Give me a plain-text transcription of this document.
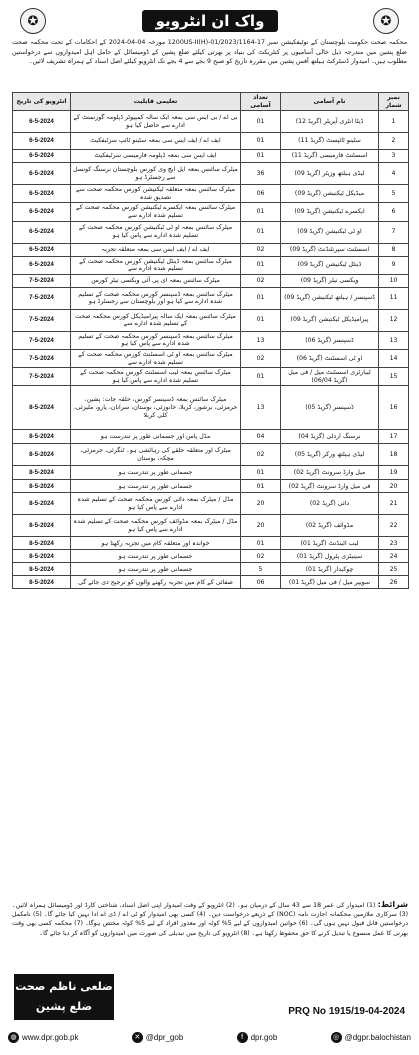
✪	واک ان انٹرویو	✪
محکمہ صحت حکومت بلوچستان کے نوٹیفکیشن نمبر 17-01/2023/1164-1200US-II(H) مورخہ 04-04-2024 کے احکامات کے تحت محکمہ صحت ضلع پشین میں مندرجہ ذیل خالی آسامیوں پر کنٹریکٹ کی بنیاد پر بھرتی کیلئے ضلع پشین کے ڈومیسائل کے حامل اہل امیدواروں سے درخواستیں مطلوب ہیں۔ امیدوار ڈسٹرکٹ ہیلتھ آفس پشین میں مقررہ تاریخ کو صبح 9 بجے سے 4 بجے تک انٹرویو کیلئے اصل اسناد کے ہمراہ تشریف لائیں۔
نمبر شمار	نام آسامی	تعداد آسامی	تعلیمی قابلیت	انٹرویو کی تاریخ
1	ڈیٹا انٹری آپریٹر (گریڈ 12)	01	بی اے / بی ایس سی بمعہ ایک سالہ کمپیوٹر ڈپلومہ گورنمنٹ کے ادارے سے حاصل کیا ہو	6-5-2024
2	سٹینو ٹائپسٹ (گریڈ 11)	01	ایف اے / ایف ایس سی بمعہ سٹینو ٹائپ سرٹیفکیٹ	6-5-2024
3	اسسٹنٹ فارمیسی (گریڈ 11)	01	ایف ایس سی بمعہ ڈپلومہ فارمیسی سرٹیفکیٹ	6-5-2024
4	لیڈی ہیلتھ وزیٹر (گریڈ 09)	36	میٹرک سائنس بمعہ ایل ایچ وی کورس بلوچستان نرسنگ کونسل سے رجسٹرڈ ہو	6-5-2024
5	میڈیکل ٹیکنیشن (گریڈ 09)	06	میٹرک سائنس بمعہ متعلقہ ٹیکنیشن کورس محکمہ صحت سے تصدیق شدہ	6-5-2024
6	ایکسرے ٹیکنیشن (گریڈ 09)	01	میٹرک سائنس بمعہ ایکسرے ٹیکنیشن کورس محکمہ صحت کے تسلیم شدہ ادارے سے	6-5-2024
7	او ٹی ٹیکنیشن (گریڈ 09)	01	میٹرک سائنس بمعہ او ٹی ٹیکنیشن کورس محکمہ صحت کے تسلیم شدہ ادارے سے پاس کیا ہو	6-5-2024
8	اسسٹنٹ سپرنٹنڈنٹ (گریڈ 09)	02	ایف اے / ایف ایس سی بمعہ متعلقہ تجربہ	6-5-2024
9	ڈینٹل ٹیکنیشن (گریڈ 09)	01	میٹرک سائنس بمعہ ڈینٹل ٹیکنیشن کورس محکمہ صحت کے تسلیم شدہ ادارے سے	6-5-2024
10	ویکسی نیٹر (گریڈ 09)	02	میٹرک سائنس بمعہ ای پی آئی ویکسی نیٹر کورس	7-5-2024
11	ڈسپنسر / ہیلتھ ٹیکنیشن (گریڈ 09)	01	میٹرک سائنس بمعہ ڈسپنسر کورس محکمہ صحت کے تسلیم شدہ ادارے سے کیا ہو اور بلوچستان سے رجسٹرڈ ہو	7-5-2024
12	پیرامیڈیکل ٹیکنیشن (گریڈ 09)	01	میٹرک سائنس بمعہ ایک سالہ پیرامیڈیکل کورس محکمہ صحت کے تسلیم شدہ ادارے سے	7-5-2024
13	ڈسپنسر (گریڈ 06)	13	میٹرک سائنس بمعہ ڈسپنسر کورس محکمہ صحت کے تسلیم شدہ ادارے سے پاس کیا ہو	7-5-2024
14	او ٹی اسسٹنٹ (گریڈ 06)	02	میٹرک سائنس بمعہ او ٹی اسسٹنٹ کورس محکمہ صحت کے تسلیم شدہ ادارے سے	7-5-2024
15	لیبارٹری اسسٹنٹ میل / فی میل (گریڈ 06/04)	01	میٹرک سائنس بمعہ لیب اسسٹنٹ کورس محکمہ صحت کے تسلیم شدہ ادارے سے پاس کیا ہو	7-5-2024
16	ڈسپنسر (گریڈ 05)	13	میٹرک سائنس بمعہ ڈسپنسر کورس، حلقہ جات: پشین، حرمزئی، برشور، کربلا، خانوزئی، بوستان، سرانان، یارو، ملیزئی، کلی کربلا	8-5-2024
17	نرسنگ اردلی (گریڈ 04)	04	مڈل پاس اور جسمانی طور پر تندرست ہو	8-5-2024
18	لیڈی ہیلتھ ورکر (گریڈ 05)	02	میٹرک اور متعلقہ حلقے کی رہائشی ہو۔ ٹنگرئی، حرمزئی، مچکہ، بوستان	8-5-2024
19	میل وارڈ سرونٹ (گریڈ 02)	01	جسمانی طور پر تندرست ہو	8-5-2024
20	فی میل وارڈ سرونٹ (گریڈ 02)	01	جسمانی طور پر تندرست ہو	8-5-2024
21	دائی (گریڈ 02)	20	مڈل / میٹرک بمعہ دائی کورس محکمہ صحت کے تسلیم شدہ ادارے سے پاس کیا ہو	8-5-2024
22	مڈوائف (گریڈ 02)	20	مڈل / میٹرک بمعہ مڈوائف کورس محکمہ صحت کے تسلیم شدہ ادارے سے پاس کیا ہو	8-5-2024
23	لیب اٹینڈنٹ (گریڈ 01)	01	خواندہ اور متعلقہ کام میں تجربہ رکھتا ہو	8-5-2024
24	سینیٹری پٹرول (گریڈ 01)	02	جسمانی طور پر تندرست ہو	8-5-2024
25	چوکیدار (گریڈ 01)	5	جسمانی طور پر تندرست ہو	8-5-2024
26	سویپر میل / فی میل (گریڈ 01)	06	صفائی کے کام میں تجربہ رکھنے والوں کو ترجیح دی جائے گی	8-5-2024
شرائط: (1) امیدوار کی عمر 18 سے 43 سال کے درمیان ہو۔ (2) انٹرویو کے وقت امیدوار اپنی اصل اسناد، شناختی کارڈ اور ڈومیسائل ہمراہ لائیں۔ (3) سرکاری ملازمین محکمانہ اجازت نامہ (NOC) کے ذریعے درخواست دیں۔ (4) کسی بھی امیدوار کو ٹی اے / ڈی اے ادا نہیں کیا جائے گا۔ (5) نامکمل درخواستیں قابل قبول نہیں ہوں گی۔ (6) خواتین امیدواروں کے لیے 5% کوٹہ اور معذور افراد کے لیے 5% کوٹہ مختص ہوگا۔ (7) محکمہ کسی بھی وقت بھرتی کا عمل منسوخ یا تبدیل کرنے کا حق محفوظ رکھتا ہے۔ (8) انٹرویو کی تاریخ میں تبدیلی کی صورت میں امیدواروں کو آگاہ کر دیا جائے گا۔
ضلعی ناظم صحت
ضلع پشین	PRQ No 1915/19-04-2024
◍ www.dpr.gob.pk	✕ @dpr_gob	f dpr.gob	◎ @dgpr.balochistan
